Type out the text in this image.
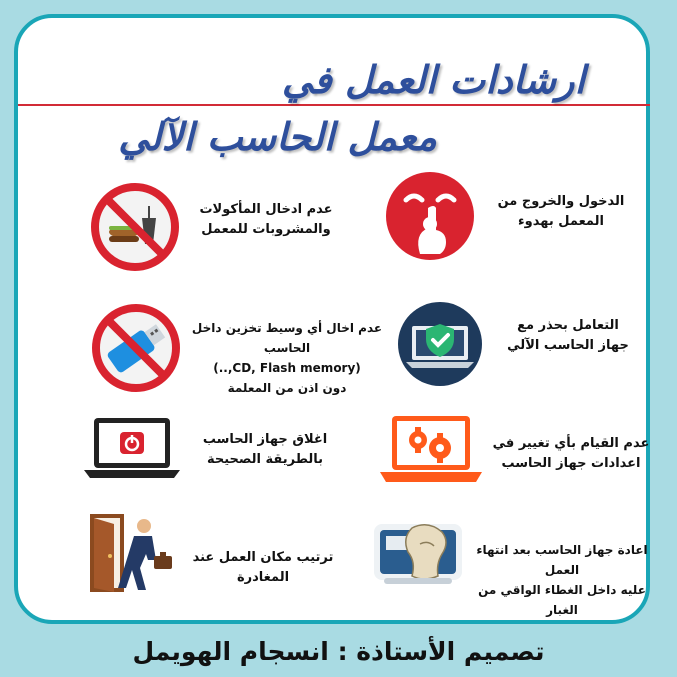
ارشادات العمل في
معمل الحاسب الآلي
الدخول والخروج من
المعمل بهدوء
عدم ادخال المأكولات
والمشروبات للمعمل
التعامل بحذر مع
جهاز الحاسب الآلي
عدم اخال أي وسيط تخزين داخل الحاسب
(CD, Flash memory,..)
دون اذن من المعلمة
عدم القيام بأي تغيير في
اعدادات جهاز الحاسب
اغلاق جهاز الحاسب
بالطريقة الصحيحة
اعادة جهاز الحاسب بعد انتهاء العمل
عليه داخل الغطاء الواقي من الغبار
ترتيب مكان العمل عند
المغادرة
تصميم الأستاذة : انسجام الهويمل
